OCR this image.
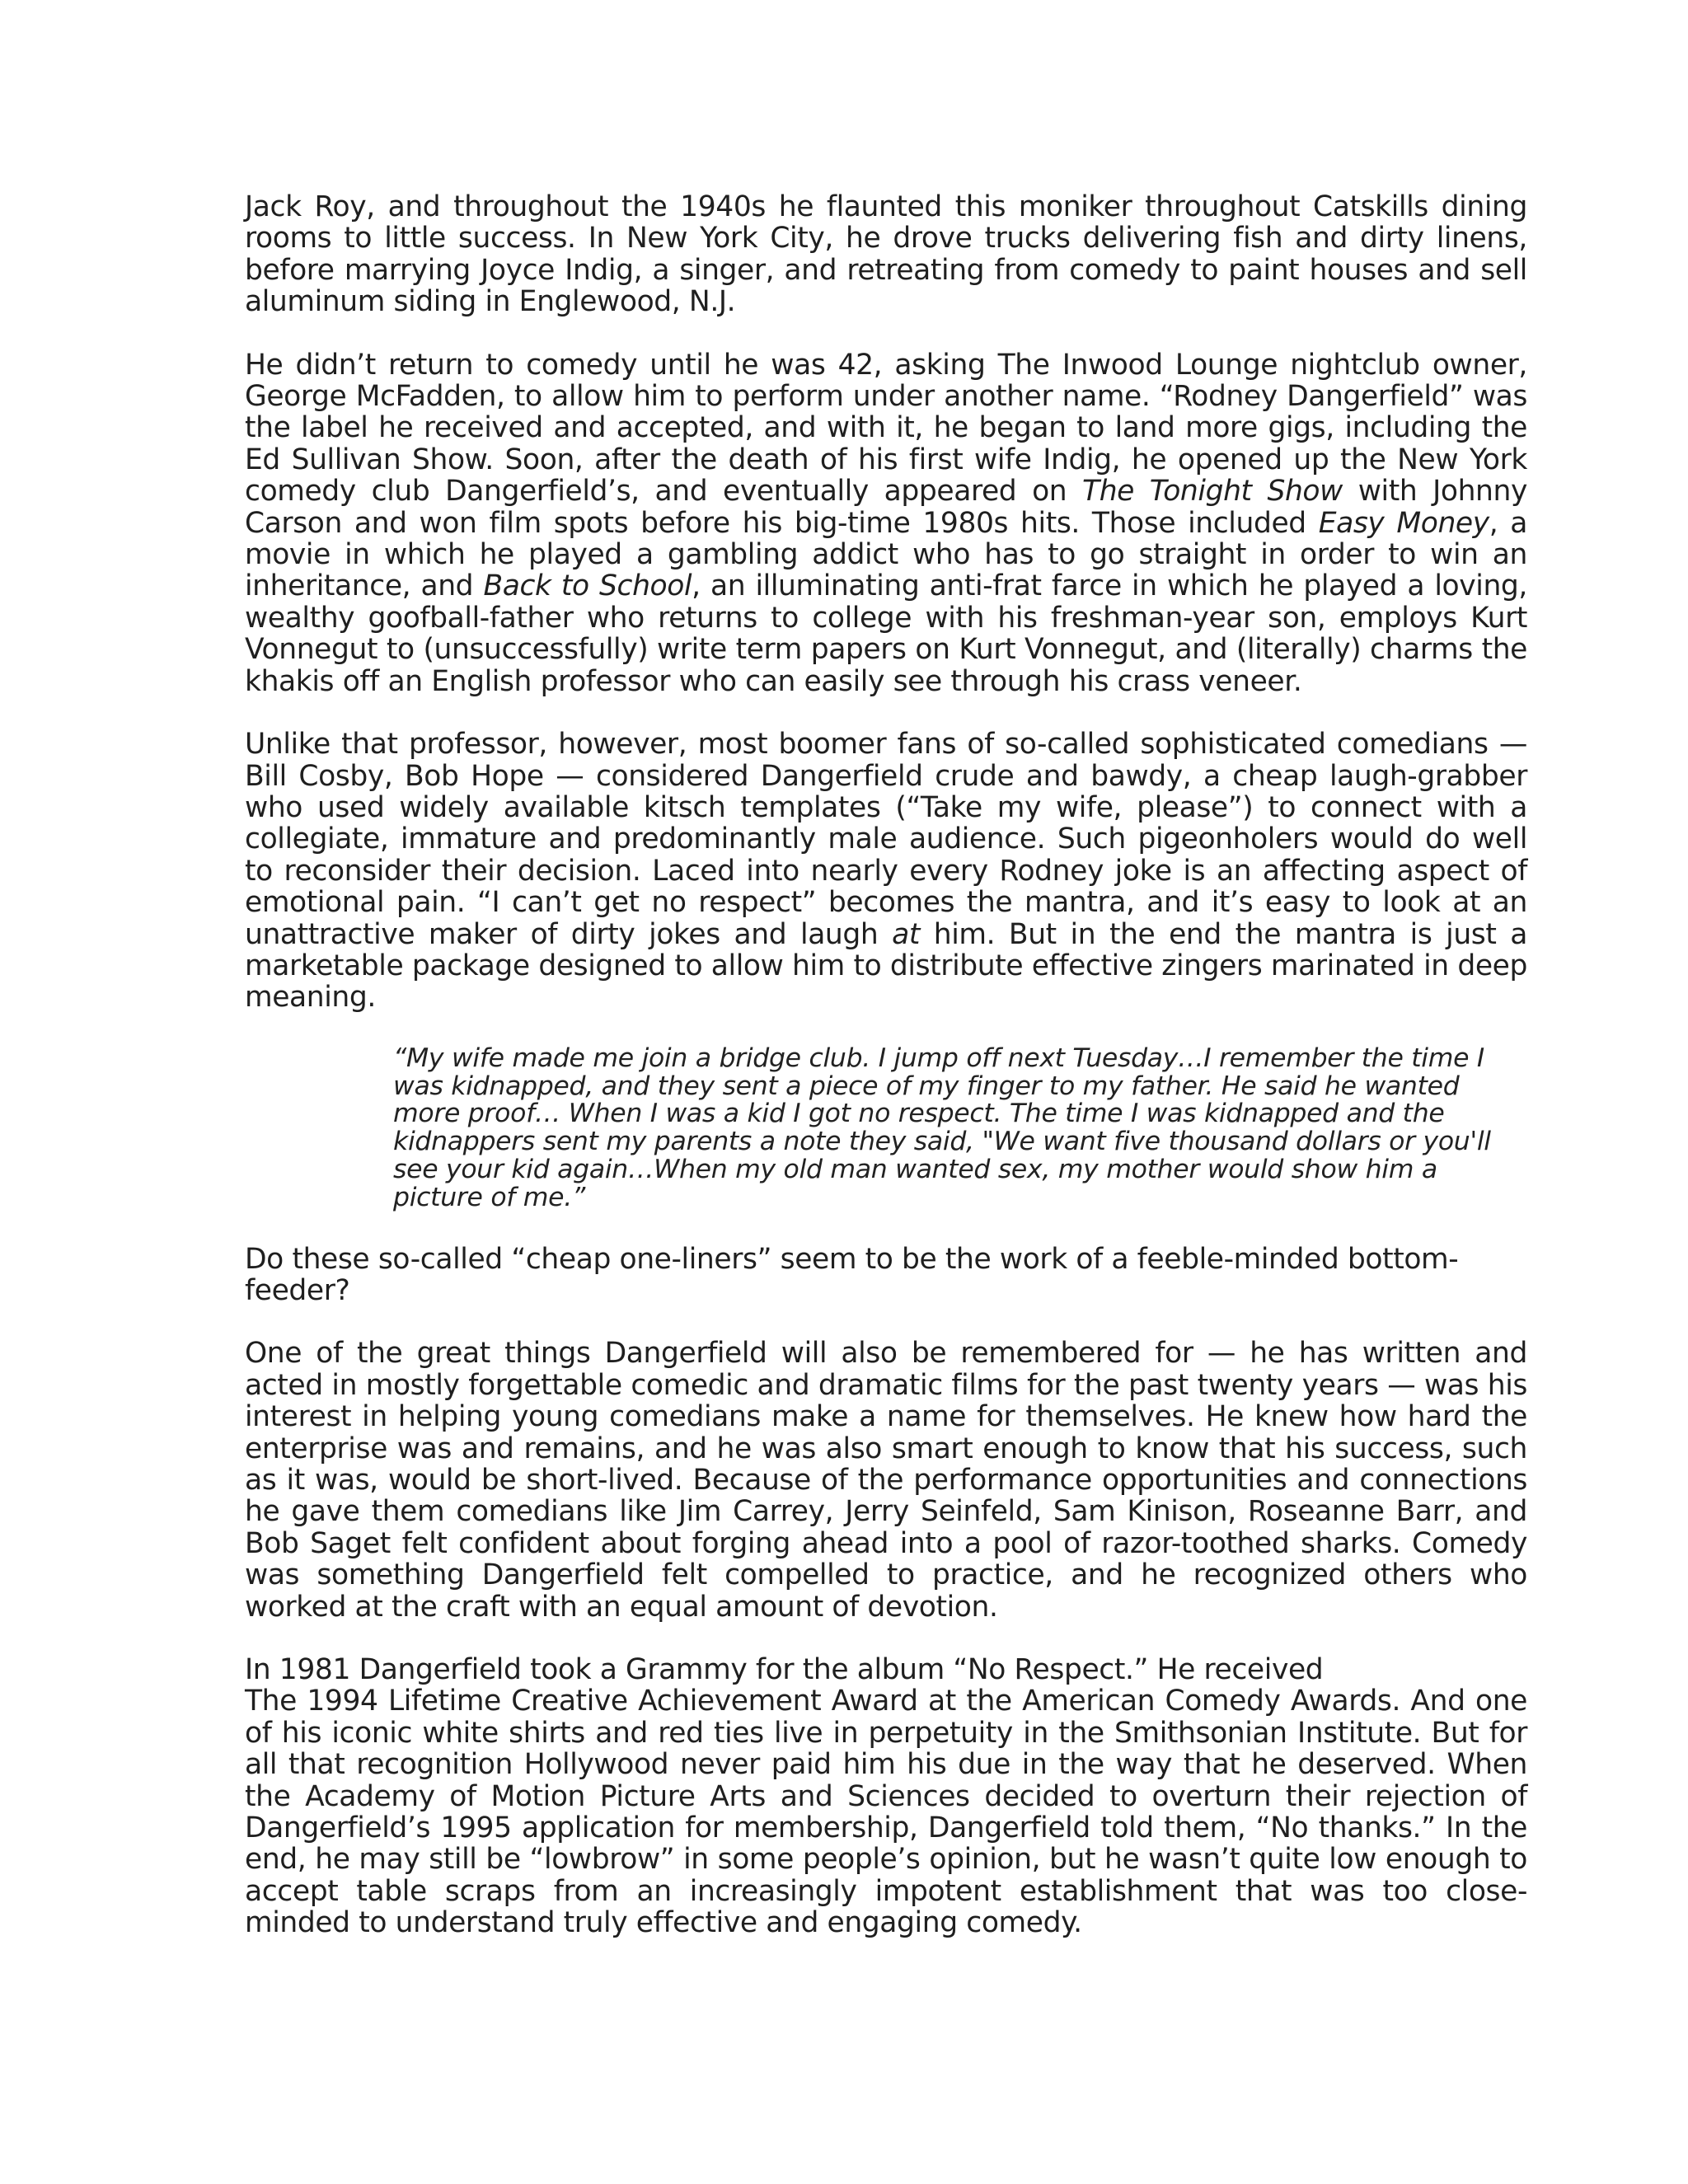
Jack Roy, and throughout the 1940s he flaunted this moniker throughout Catskills dining rooms to little success. In New York City, he drove trucks delivering fish and dirty linens, before marrying Joyce Indig, a singer, and retreating from comedy to paint houses and sell aluminum siding in Englewood, N.J.

He didn’t return to comedy until he was 42, asking The Inwood Lounge nightclub owner, George McFadden, to allow him to perform under another name. “Rodney Dangerfield” was the label he received and accepted, and with it, he began to land more gigs, including the Ed Sullivan Show. Soon, after the death of his first wife Indig, he opened up the New York comedy club Dangerfield’s, and eventually appeared on The Tonight Show with Johnny Carson and won film spots before his big-time 1980s hits. Those included Easy Money, a movie in which he played a gambling addict who has to go straight in order to win an inheritance, and Back to School, an illuminating anti-frat farce in which he played a loving, wealthy goofball-father who returns to college with his freshman-year son, employs Kurt Vonnegut to (unsuccessfully) write term papers on Kurt Vonnegut, and (literally) charms the khakis off an English professor who can easily see through his crass veneer.

Unlike that professor, however, most boomer fans of so-called sophisticated comedians — Bill Cosby, Bob Hope — considered Dangerfield crude and bawdy, a cheap laugh-grabber who used widely available kitsch templates (“Take my wife, please”) to connect with a collegiate, immature and predominantly male audience. Such pigeonholers would do well to reconsider their decision. Laced into nearly every Rodney joke is an affecting aspect of emotional pain. “I can’t get no respect” becomes the mantra, and it’s easy to look at an unattractive maker of dirty jokes and laugh at him. But in the end the mantra is just a marketable package designed to allow him to distribute effective zingers marinated in deep meaning.

“My wife made me join a bridge club. I jump off next Tuesday…I remember the time I was kidnapped, and they sent a piece of my finger to my father. He said he wanted more proof… When I was a kid I got no respect. The time I was kidnapped and the kidnappers sent my parents a note they said, "We want five thousand dollars or you'll see your kid again…When my old man wanted sex, my mother would show him a picture of me.”

Do these so-called “cheap one-liners” seem to be the work of a feeble-minded bottom-feeder?

One of the great things Dangerfield will also be remembered for — he has written and acted in mostly forgettable comedic and dramatic films for the past twenty years — was his interest in helping young comedians make a name for themselves. He knew how hard the enterprise was and remains, and he was also smart enough to know that his success, such as it was, would be short-lived. Because of the performance opportunities and connections he gave them comedians like Jim Carrey, Jerry Seinfeld, Sam Kinison, Roseanne Barr, and Bob Saget felt confident about forging ahead into a pool of razor-toothed sharks. Comedy was something Dangerfield felt compelled to practice, and he recognized others who worked at the craft with an equal amount of devotion.

In 1981 Dangerfield took a Grammy for the album “No Respect.” He received
The 1994 Lifetime Creative Achievement Award at the American Comedy Awards. And one of his iconic white shirts and red ties live in perpetuity in the Smithsonian Institute. But for all that recognition Hollywood never paid him his due in the way that he deserved. When the Academy of Motion Picture Arts and Sciences decided to overturn their rejection of Dangerfield’s 1995 application for membership, Dangerfield told them, “No thanks.” In the end, he may still be “lowbrow” in some people’s opinion, but he wasn’t quite low enough to accept table scraps from an increasingly impotent establishment that was too close-minded to understand truly effective and engaging comedy.
